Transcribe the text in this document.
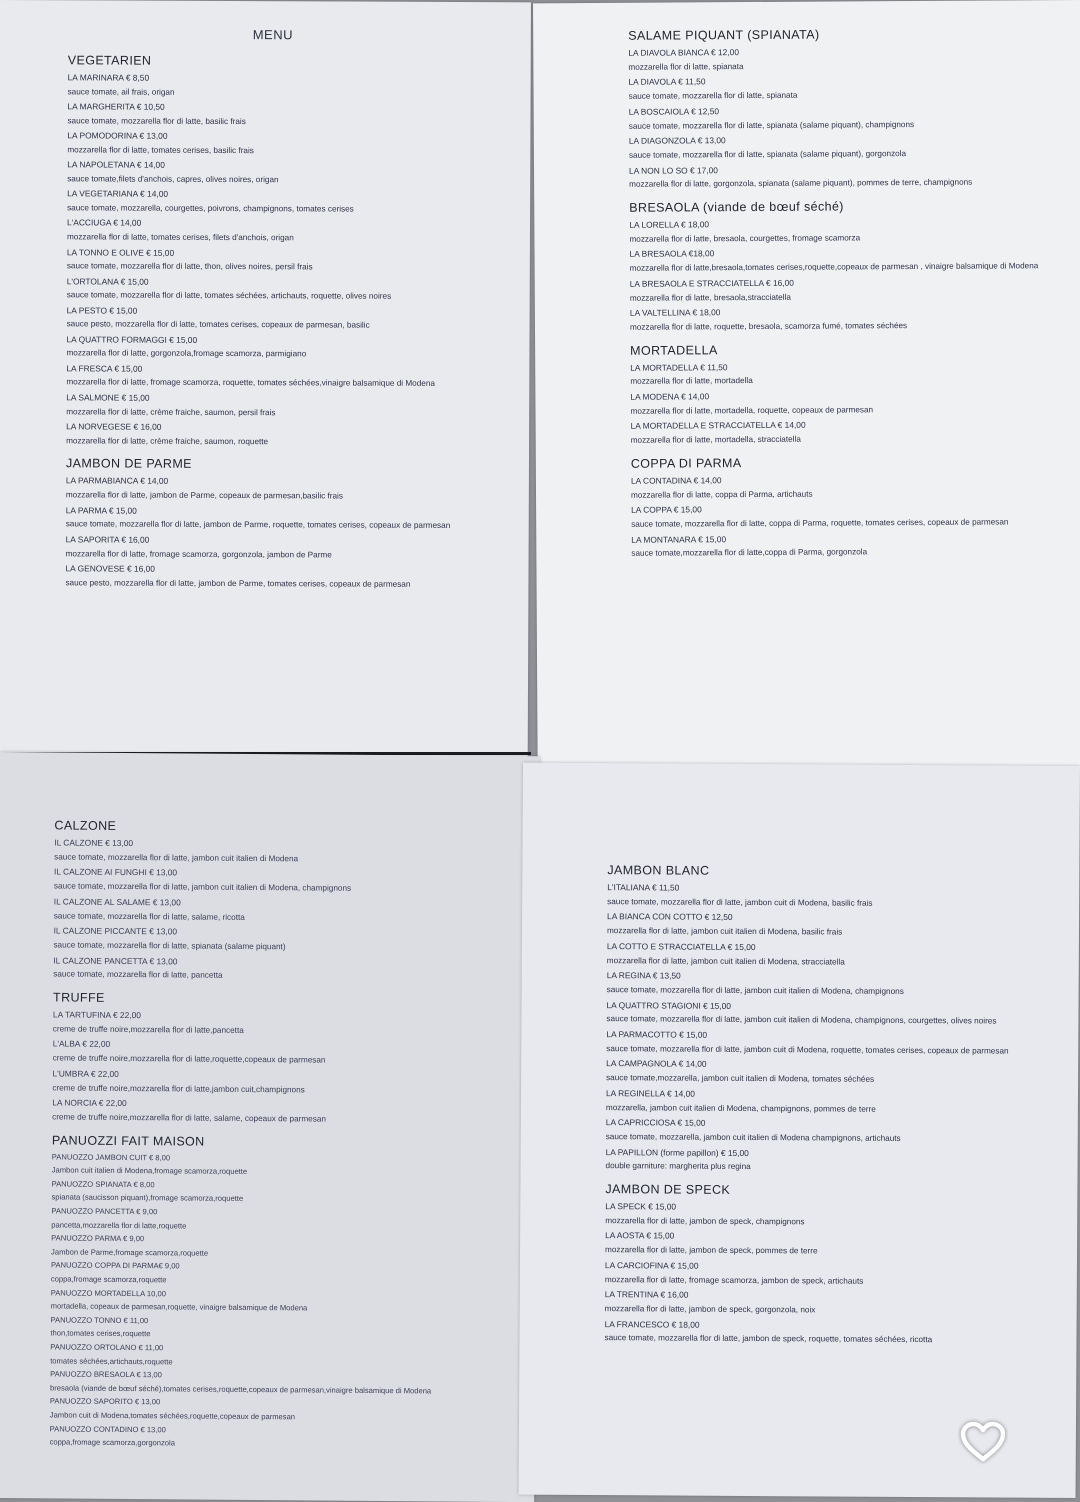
MENU
VEGETARIEN
LA MARINARA € 8,50
sauce tomate, ail frais, origan
LA MARGHERITA € 10,50
sauce tomate, mozzarella flor di latte, basilic frais
LA POMODORINA € 13,00
mozzarella flor di latte, tomates cerises, basilic frais
LA NAPOLETANA € 14,00
sauce tomate,filets d'anchois, capres, olives noires, origan
LA VEGETARIANA € 14,00
sauce tomate, mozzarella, courgettes, poivrons, champignons, tomates cerises
L'ACCIUGA € 14,00
mozzarella flor di latte, tomates cerises, filets d'anchois, origan
LA TONNO E OLIVE € 15,00
sauce tomate, mozzarella flor di latte, thon, olives noires, persil frais
L'ORTOLANA € 15,00
sauce tomate, mozzarella flor di latte, tomates séchées, artichauts, roquette, olives noires
LA PESTO € 15,00
sauce pesto, mozzarella flor di latte, tomates cerises, copeaux de parmesan, basilic
LA QUATTRO FORMAGGI € 15,00
mozzarella flor di latte, gorgonzola,fromage scamorza, parmigiano
LA FRESCA € 15,00
mozzarella flor di latte, fromage scamorza, roquette, tomates séchées,vinaigre balsamique di Modena
LA SALMONE € 15,00
mozzarella flor di latte, crème fraiche, saumon, persil frais
LA NORVEGESE € 16,00
mozzarella flor di latte, crème fraiche, saumon, roquette
JAMBON DE PARME
LA PARMABIANCA € 14,00
mozzarella flor di latte, jambon de Parme, copeaux de parmesan,basilic frais
LA PARMA € 15,00
sauce tomate, mozzarella flor di latte, jambon de Parme, roquette, tomates cerises, copeaux de parmesan
LA SAPORITA € 16,00
mozzarella flor di latte, fromage scamorza, gorgonzola, jambon de Parme
LA GENOVESE € 16,00
sauce pesto, mozzarella flor di latte, jambon de Parme, tomates cerises, copeaux de parmesan
SALAME PIQUANT (SPIANATA)
LA DIAVOLA BIANCA € 12,00
mozzarella flor di latte, spianata
LA DIAVOLA € 11,50
sauce tomate, mozzarella flor di latte, spianata
LA BOSCAIOLA € 12,50
sauce tomate, mozzarella flor di latte, spianata (salame piquant), champignons
LA DIAGONZOLA € 13,00
sauce tomate, mozzarella flor di latte, spianata (salame piquant), gorgonzola
LA NON LO SO € 17,00
mozzarella flor di latte, gorgonzola, spianata (salame piquant), pommes de terre, champignons
BRESAOLA (viande de bœuf séché)
LA LORELLA € 18,00
mozzarella flor di latte, bresaola, courgettes, fromage scamorza
LA BRESAOLA €18,00
mozzarella flor di latte,bresaola,tomates cerises,roquette,copeaux de parmesan , vinaigre balsamique di Modena
LA BRESAOLA E STRACCIATELLA € 16,00
mozzarella flor di latte, bresaola,stracciatella
LA VALTELLINA € 18,00
mozzarella flor di latte, roquette, bresaola, scamorza fumé, tomates séchées
MORTADELLA
LA MORTADELLA € 11,50
mozzarella flor di latte, mortadella
LA MODENA € 14,00
mozzarella flor di latte, mortadella, roquette, copeaux de parmesan
LA MORTADELLA E STRACCIATELLA € 14,00
mozzarella flor di latte, mortadella, stracciatella
COPPA DI PARMA
LA CONTADINA € 14,00
mozzarella flor di latte, coppa di Parma, artichauts
LA COPPA € 15,00
sauce tomate, mozzarella flor di latte, coppa di Parma, roquette, tomates cerises, copeaux de parmesan
LA MONTANARA € 15,00
sauce tomate,mozzarella flor di latte,coppa di Parma, gorgonzola
CALZONE
IL CALZONE € 13,00
sauce tomate, mozzarella flor di latte, jambon cuit italien di Modena
IL CALZONE AI FUNGHI € 13,00
sauce tomate, mozzarella flor di latte, jambon cuit italien di Modena, champignons
IL CALZONE AL SALAME € 13,00
sauce tomate, mozzarella flor di latte, salame, ricotta
IL CALZONE PICCANTE € 13,00
sauce tomate, mozzarella flor di latte, spianata (salame piquant)
IL CALZONE PANCETTA € 13,00
sauce tomate, mozzarella flor di latte, pancetta
TRUFFE
LA TARTUFINA € 22,00
creme de truffe noire,mozzarella flor di latte,pancetta
L'ALBA € 22,00
creme de truffe noire,mozzarella flor di latte,roquette,copeaux de parmesan
L'UMBRA € 22,00
creme de truffe noire,mozzarella flor di latte,jambon cuit,champignons
LA NORCIA € 22,00
creme de truffe noire,mozzarella flor di latte, salame, copeaux de parmesan
PANUOZZI FAIT MAISON
PANUOZZO JAMBON CUIT € 8,00
Jambon cuit italien di Modena,fromage scamorza,roquette
PANUOZZO SPIANATA € 8,00
spianata (saucisson piquant),fromage scamorza,roquette
PANUOZZO PANCETTA € 9,00
pancetta,mozzarella flor di latte,roquette
PANUOZZO PARMA € 9,00
Jambon de Parme,fromage scamorza,roquette
PANUOZZO COPPA DI PARMA€ 9,00
coppa,fromage scamorza,roquette
PANUOZZO MORTADELLA 10,00
mortadella, copeaux de parmesan,roquette, vinaigre balsamique de Modena
PANUOZZO TONNO € 11,00
thon,tomates cerises,roquette
PANUOZZO ORTOLANO € 11,00
tomates séchées,artichauts,roquette
PANUOZZO BRESAOLA € 13,00
bresaola (viande de bœuf séché),tomates cerises,roquette,copeaux de parmesan,vinaigre balsamique di Modena
PANUOZZO SAPORITO € 13,00
Jambon cuit di Modena,tomates séchées,roquette,copeaux de parmesan
PANUOZZO CONTADINO € 13,00
coppa,fromage scamorza,gorgonzola
JAMBON BLANC
L'ITALIANA € 11,50
sauce tomate, mozzarella flor di latte, jambon cuit di Modena, basilic frais
LA BIANCA CON COTTO € 12,50
mozzarella flor di latte, jambon cuit italien di Modena, basilic frais
LA COTTO E STRACCIATELLA € 15,00
mozzarella flor di latte, jambon cuit italien di Modena, stracciatella
LA REGINA € 13,50
sauce tomate, mozzarella flor di latte, jambon cuit italien di Modena, champignons
LA QUATTRO STAGIONI € 15,00
sauce tomate, mozzarella flor di latte, jambon cuit italien di Modena, champignons, courgettes, olives noires
LA PARMACOTTO € 15,00
sauce tomate, mozzarella flor di latte, jambon cuit di Modena, roquette, tomates cerises, copeaux de parmesan
LA CAMPAGNOLA € 14,00
sauce tomate,mozzarella, jambon cuit italien di Modena, tomates séchées
LA REGINELLA € 14,00
mozzarella, jambon cuit italien di Modena, champignons, pommes de terre
LA CAPRICCIOSA € 15,00
sauce tomate, mozzarella, jambon cuit italien di Modena champignons, artichauts
LA PAPILLON (forme papillon) € 15,00
double garniture: margherita plus regina
JAMBON DE SPECK
LA SPECK € 15,00
mozzarella flor di latte, jambon de speck, champignons
LA AOSTA € 15,00
mozzarella flor di latte, jambon de speck, pommes de terre
LA CARCIOFINA € 15,00
mozzarella flor di latte, fromage scamorza, jambon de speck, artichauts
LA TRENTINA € 16,00
mozzarella flor di latte, jambon de speck, gorgonzola, noix
LA FRANCESCO € 18,00
sauce tomate, mozzarella flor di latte, jambon de speck, roquette, tomates séchées, ricotta
